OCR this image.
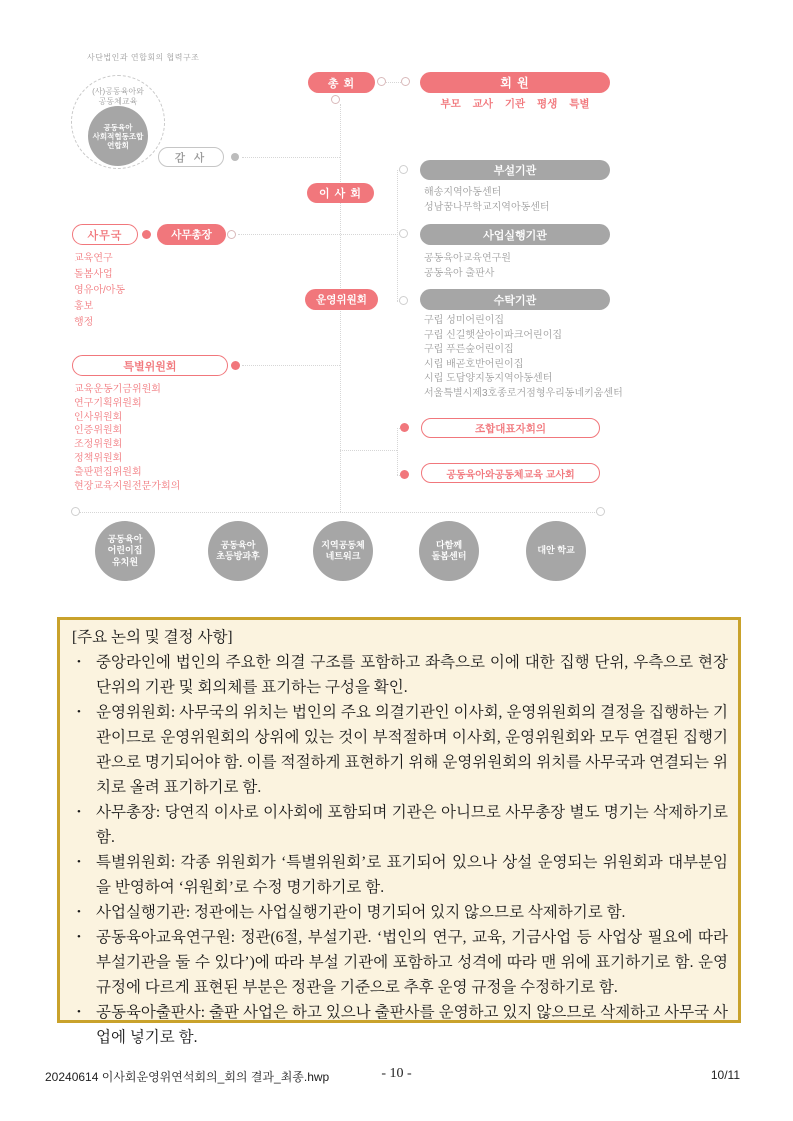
사단법인과 연합회의 협력구조
(사)공동육아와
공동체교육
공동육아
사회적협동조합
연합회
감 사
총 회	회 원
부모 교사 기관 평생 특별
이 사 회
사무국	사무총장
운영위원회
부설기관
사업실행기관
수탁기관
특별위원회
조합대표자회의
공동육아와공동체교육 교사회
교육연구
돌봄사업
영유아/아동
홍보
행정
해송지역아동센터
성남꿈나무학교지역아동센터
공동육아교육연구원
공동육아 출판사
구립 성미어린이집
구립 신길햇살아이파크어린이집
구립 푸른숲어린이집
시립 배곧호반어린이집
시립 도담양지동지역아동센터
서울특별시제3호종로거점형우리동네키움센터
교육운동기금위원회
연구기획위원회
인사위원회
인증위원회
조정위원회
정책위원회
출판편집위원회
현장교육지원전문가회의
공동육아
어린이집
유치원
공동육아
초등방과후
지역공동체
네트워크
다함께
돌봄센터
대안 학교
[주요 논의 및 결정 사항]
• 중앙라인에 법인의 주요한 의결 구조를 포함하고 좌측으로 이에 대한 집행 단위, 우측으로 현장 단위의 기관 및 회의체를 표기하는 구성을 확인.
• 운영위원회: 사무국의 위치는 법인의 주요 의결기관인 이사회, 운영위원회의 결정을 집행하는 기관이므로 운영위원회의 상위에 있는 것이 부적절하며 이사회, 운영위원회와 모두 연결된 집행기관으로 명기되어야 함. 이를 적절하게 표현하기 위해 운영위원회의 위치를 사무국과 연결되는 위치로 올려 표기하기로 함.
• 사무총장: 당연직 이사로 이사회에 포함되며 기관은 아니므로 사무총장 별도 명기는 삭제하기로 함.
• 특별위원회: 각종 위원회가 ‘특별위원회’로 표기되어 있으나 상설 운영되는 위원회과 대부분임을 반영하여 ‘위원회’로 수정 명기하기로 함.
• 사업실행기관: 정관에는 사업실행기관이 명기되어 있지 않으므로 삭제하기로 함.
• 공동육아교육연구원: 정관(6절, 부설기관. ‘법인의 연구, 교육, 기금사업 등 사업상 필요에 따라 부설기관을 둘 수 있다’)에 따라 부설 기관에 포함하고 성격에 따라 맨 위에 표기하기로 함. 운영 규정에 다르게 표현된 부분은 정관을 기준으로 추후 운영 규정을 수정하기로 함.
• 공동육아출판사: 출판 사업은 하고 있으나 출판사를 운영하고 있지 않으므로 삭제하고 사무국 사업에 넣기로 함.
20240614 이사회운영위연석회의_회의 결과_최종.hwp	- 10 -	10/11
